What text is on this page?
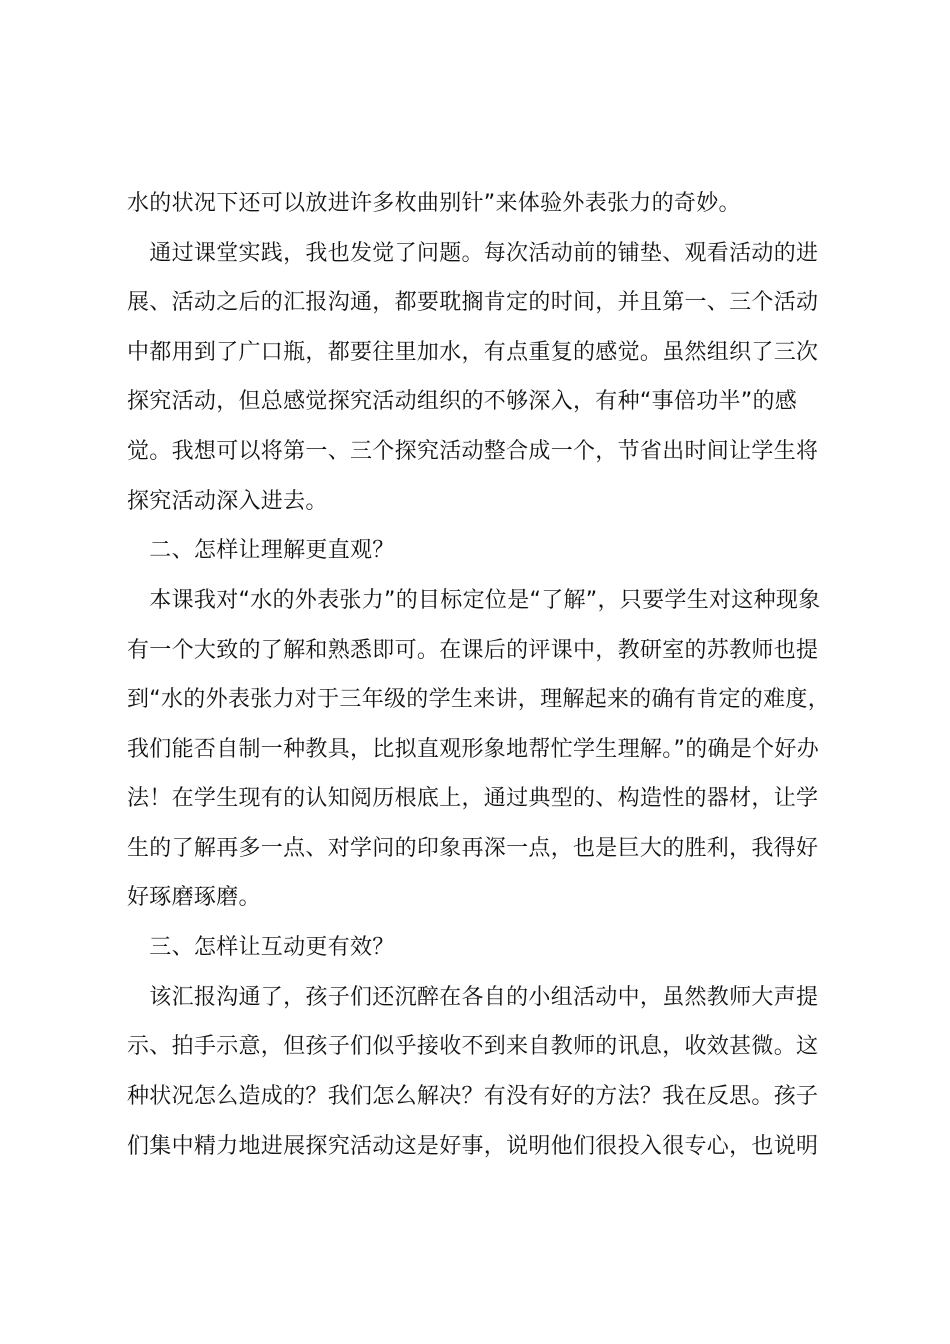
水的状况下还可以放进许多枚曲别针”来体验外表张力的奇妙。
　通过课堂实践，我也发觉了问题。每次活动前的铺垫、观看活动的进
展、活动之后的汇报沟通，都要耽搁肯定的时间，并且第一、三个活动
中都用到了广口瓶，都要往里加水，有点重复的感觉。虽然组织了三次
探究活动，但总感觉探究活动组织的不够深入，有种“事倍功半”的感
觉。我想可以将第一、三个探究活动整合成一个，节省出时间让学生将
探究活动深入进去。
　二、怎样让理解更直观？
　本课我对“水的外表张力”的目标定位是“了解”，只要学生对这种现象
有一个大致的了解和熟悉即可。在课后的评课中，教研室的苏教师也提
到“水的外表张力对于三年级的学生来讲，理解起来的确有肯定的难度，
我们能否自制一种教具，比拟直观形象地帮忙学生理解。”的确是个好办
法！在学生现有的认知阅历根底上，通过典型的、构造性的器材，让学
生的了解再多一点、对学问的印象再深一点，也是巨大的胜利，我得好
好琢磨琢磨。
　三、怎样让互动更有效？
　该汇报沟通了，孩子们还沉醉在各自的小组活动中，虽然教师大声提
示、拍手示意，但孩子们似乎接收不到来自教师的讯息，收效甚微。这
种状况怎么造成的？我们怎么解决？有没有好的方法？我在反思。孩子
们集中精力地进展探究活动这是好事，说明他们很投入很专心，也说明
